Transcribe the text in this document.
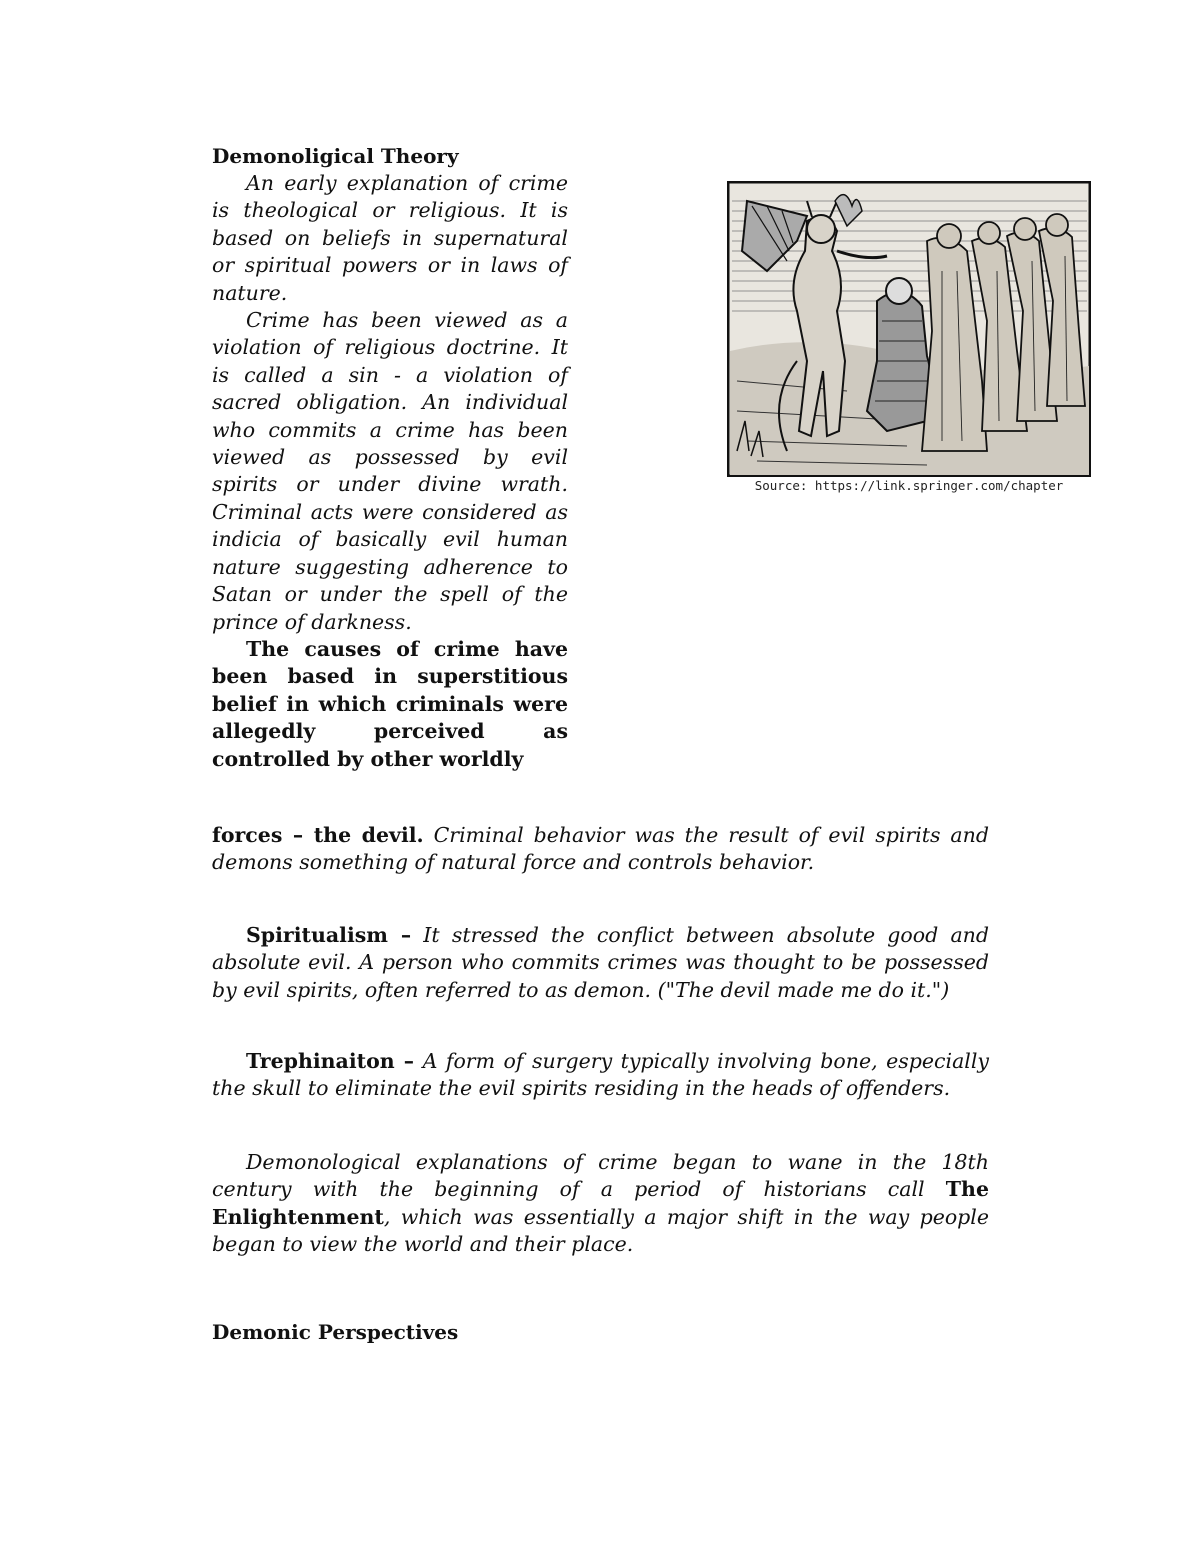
Demonoligical Theory

An early explanation of crime is theological or religious. It is based on beliefs in supernatural or spiritual powers or in laws of nature.

Crime has been viewed as a violation of religious doctrine. It is called a sin - a violation of sacred obligation. An individual who commits a crime has been viewed as possessed by evil spirits or under divine wrath. Criminal acts were considered as indicia of basically evil human nature suggesting adherence to Satan or under the spell of the prince of darkness.

The causes of crime have been based in superstitious belief in which criminals were allegedly perceived as controlled by other worldly

Source: https://link.springer.com/chapter

forces – the devil. Criminal behavior was the result of evil spirits and demons something of natural force and controls behavior.

Spiritualism – It stressed the conflict between absolute good and absolute evil. A person who commits crimes was thought to be possessed by evil spirits, often referred to as demon. ("The devil made me do it.")

Trephinaiton – A form of surgery typically involving bone, especially the skull to eliminate the evil spirits residing in the heads of offenders.

Demonological explanations of crime began to wane in the 18th century with the beginning of a period of historians call The Enlightenment, which was essentially a major shift in the way people began to view the world and their place.

Demonic Perspectives
